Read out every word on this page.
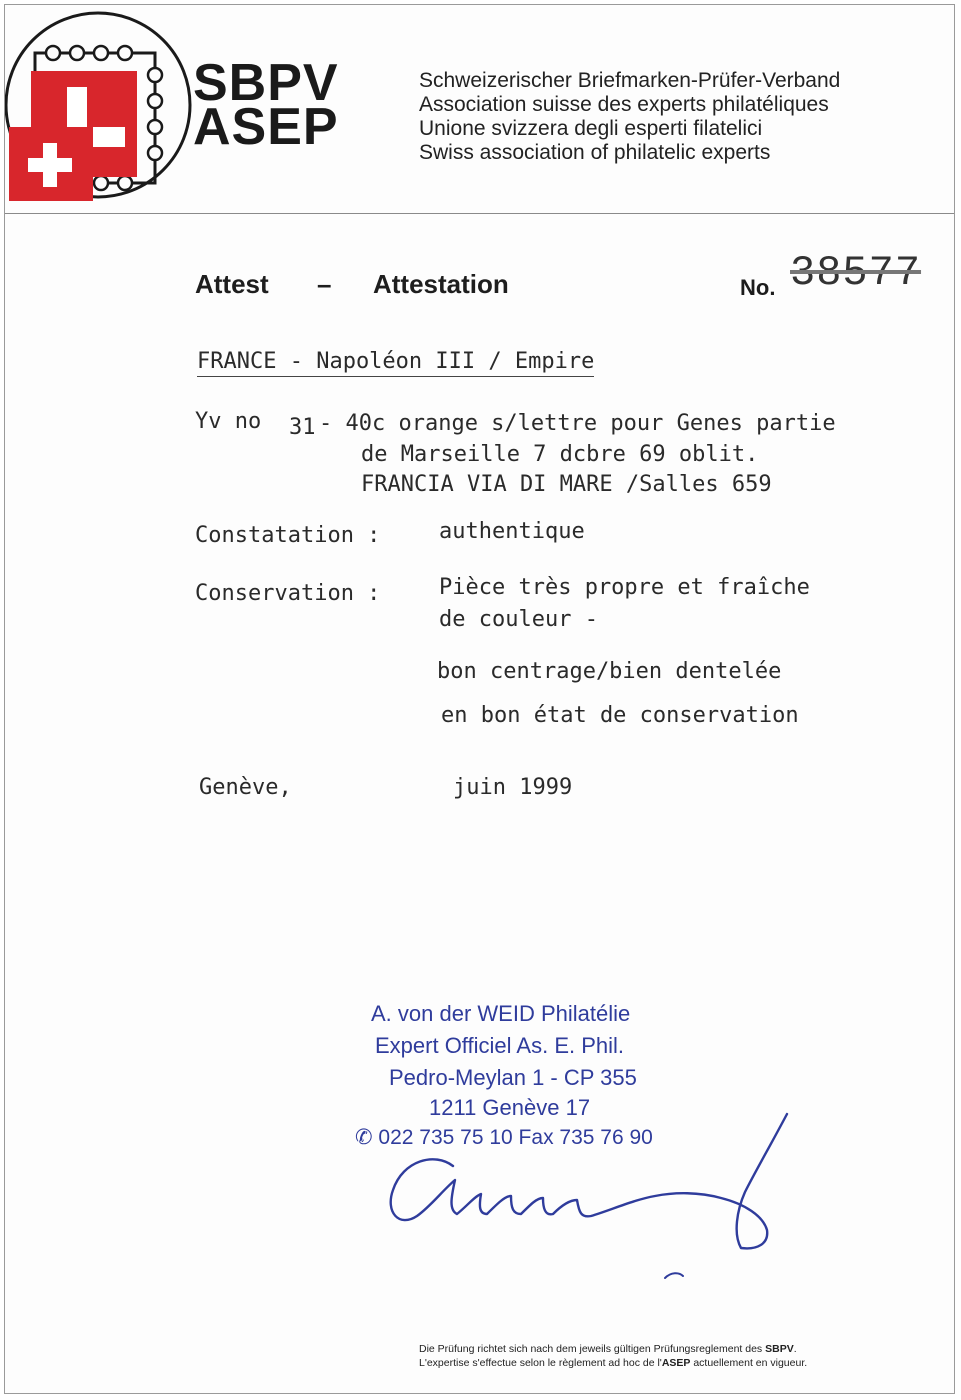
SBPV
ASEP
Schweizerischer Briefmarken-Prüfer-Verband
Association suisse des experts philatéliques
Unione svizzera degli esperti filatelici
Swiss association of philatelic experts
Attest – Attestation	No. 38577
FRANCE - Napoléon III / Empire
Yv no 31 - 40c orange s/lettre pour Genes partie
de Marseille 7 dcbre 69 oblit.
FRANCIA VIA DI MARE /Salles 659
Constatation :	authentique
Conservation :	Pièce très propre et fraîche
de couleur -
bon centrage/bien dentelée
en bon état de conservation
Genève,	juin 1999
A. von der WEID Philatélie
Expert Officiel As. E. Phil.
Pedro-Meylan 1 - CP 355
1211 Genève 17
✆ 022 735 75 10 Fax 735 76 90
Die Prüfung richtet sich nach dem jeweils gültigen Prüfungsreglement des SBPV.
L'expertise s'effectue selon le règlement ad hoc de l'ASEP actuellement en vigueur.
